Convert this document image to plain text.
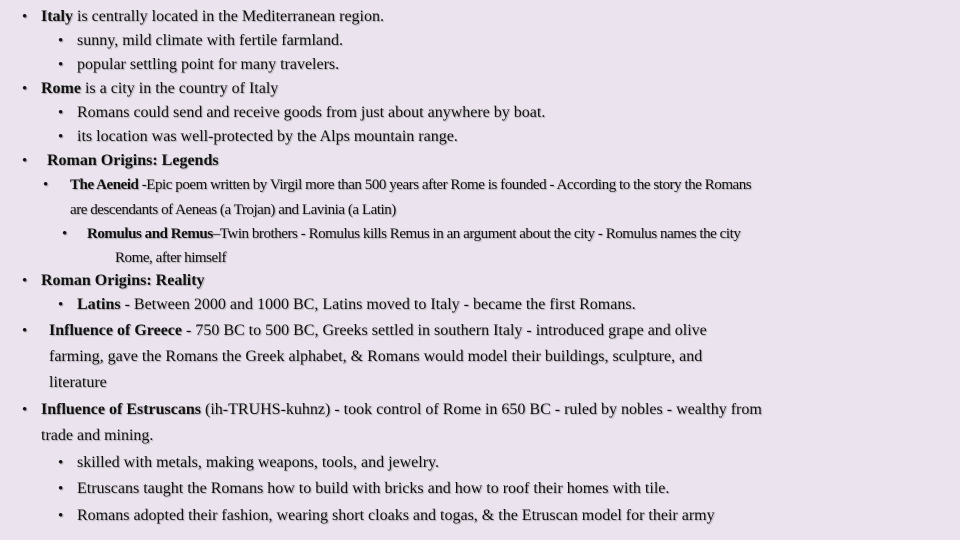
• Italy is centrally located in the Mediterranean region.
• sunny, mild climate with fertile farmland.
• popular settling point for many travelers.
• Rome is a city in the country of Italy
• Romans could send and receive goods from just about anywhere by boat.
• its location was well-protected by the Alps mountain range.
• Roman Origins: Legends
• The Aeneid -Epic poem written by Virgil more than 500 years after Rome is founded - According to the story the Romans
are descendants of Aeneas (a Trojan) and Lavinia (a Latin)
• Romulus and Remus–Twin brothers - Romulus kills Remus in an argument about the city - Romulus names the city
Rome, after himself
• Roman Origins: Reality
• Latins - Between 2000 and 1000 BC, Latins moved to Italy - became the first Romans.
• Influence of Greece - 750 BC to 500 BC, Greeks settled in southern Italy - introduced grape and olive
farming, gave the Romans the Greek alphabet, & Romans would model their buildings, sculpture, and
literature
• Influence of Estruscans (ih-TRUHS-kuhnz) - took control of Rome in 650 BC - ruled by nobles - wealthy from
trade and mining.
• skilled with metals, making weapons, tools, and jewelry.
• Etruscans taught the Romans how to build with bricks and how to roof their homes with tile.
• Romans adopted their fashion, wearing short cloaks and togas, & the Etruscan model for their army
